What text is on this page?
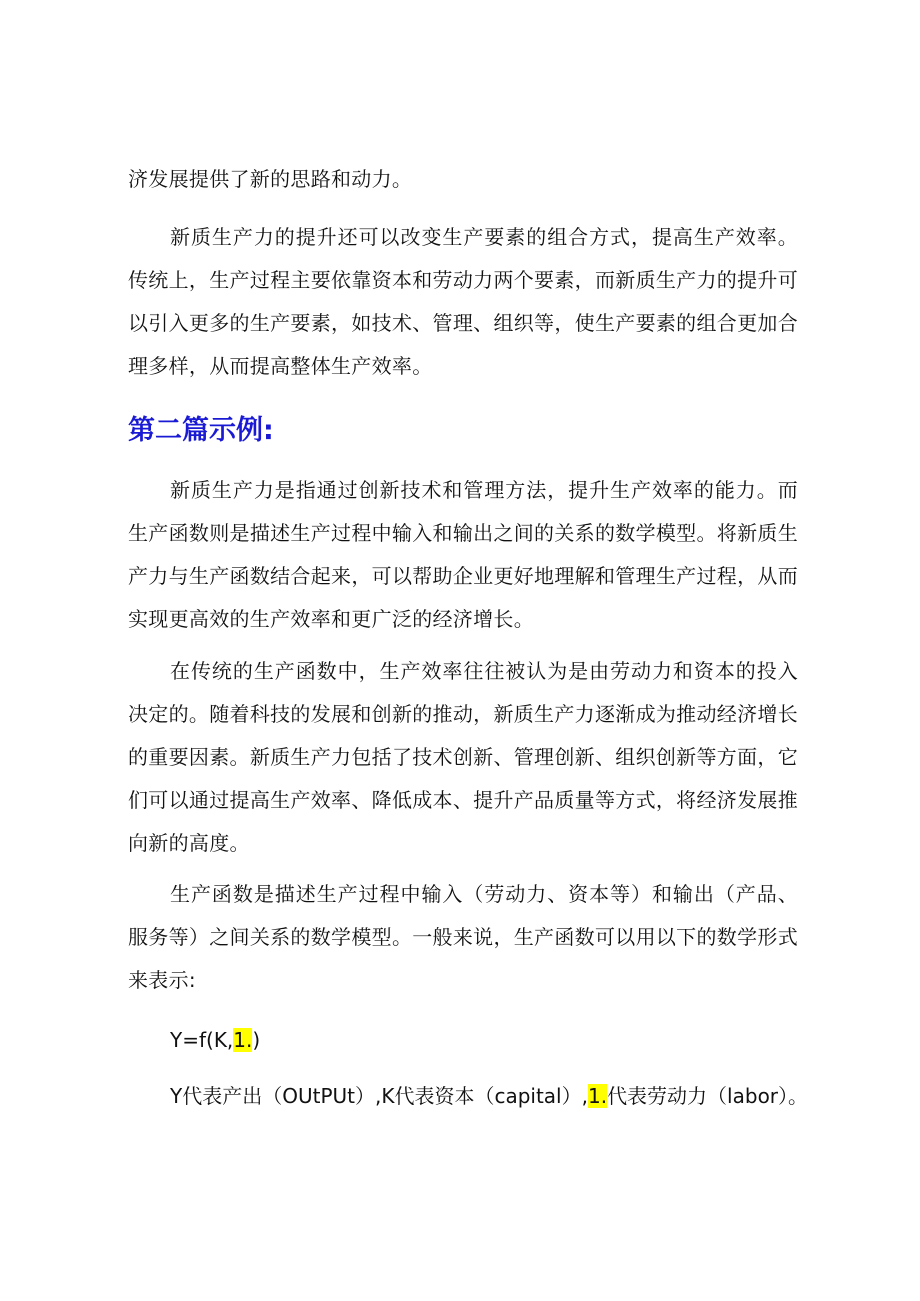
济发展提供了新的思路和动力。

新质生产力的提升还可以改变生产要素的组合方式，提高生产效率。传统上，生产过程主要依靠资本和劳动力两个要素，而新质生产力的提升可以引入更多的生产要素，如技术、管理、组织等，使生产要素的组合更加合理多样，从而提高整体生产效率。

第二篇示例:

新质生产力是指通过创新技术和管理方法，提升生产效率的能力。而生产函数则是描述生产过程中输入和输出之间的关系的数学模型。将新质生产力与生产函数结合起来，可以帮助企业更好地理解和管理生产过程，从而实现更高效的生产效率和更广泛的经济增长。

在传统的生产函数中，生产效率往往被认为是由劳动力和资本的投入决定的。随着科技的发展和创新的推动，新质生产力逐渐成为推动经济增长的重要因素。新质生产力包括了技术创新、管理创新、组织创新等方面，它们可以通过提高生产效率、降低成本、提升产品质量等方式，将经济发展推向新的高度。

生产函数是描述生产过程中输入（劳动力、资本等）和输出（产品、服务等）之间关系的数学模型。一般来说，生产函数可以用以下的数学形式来表示:

Y=f(K,1.)

Y代表产出（OUtPUt）,K代表资本（capital）,1.代表劳动力（labor）。
